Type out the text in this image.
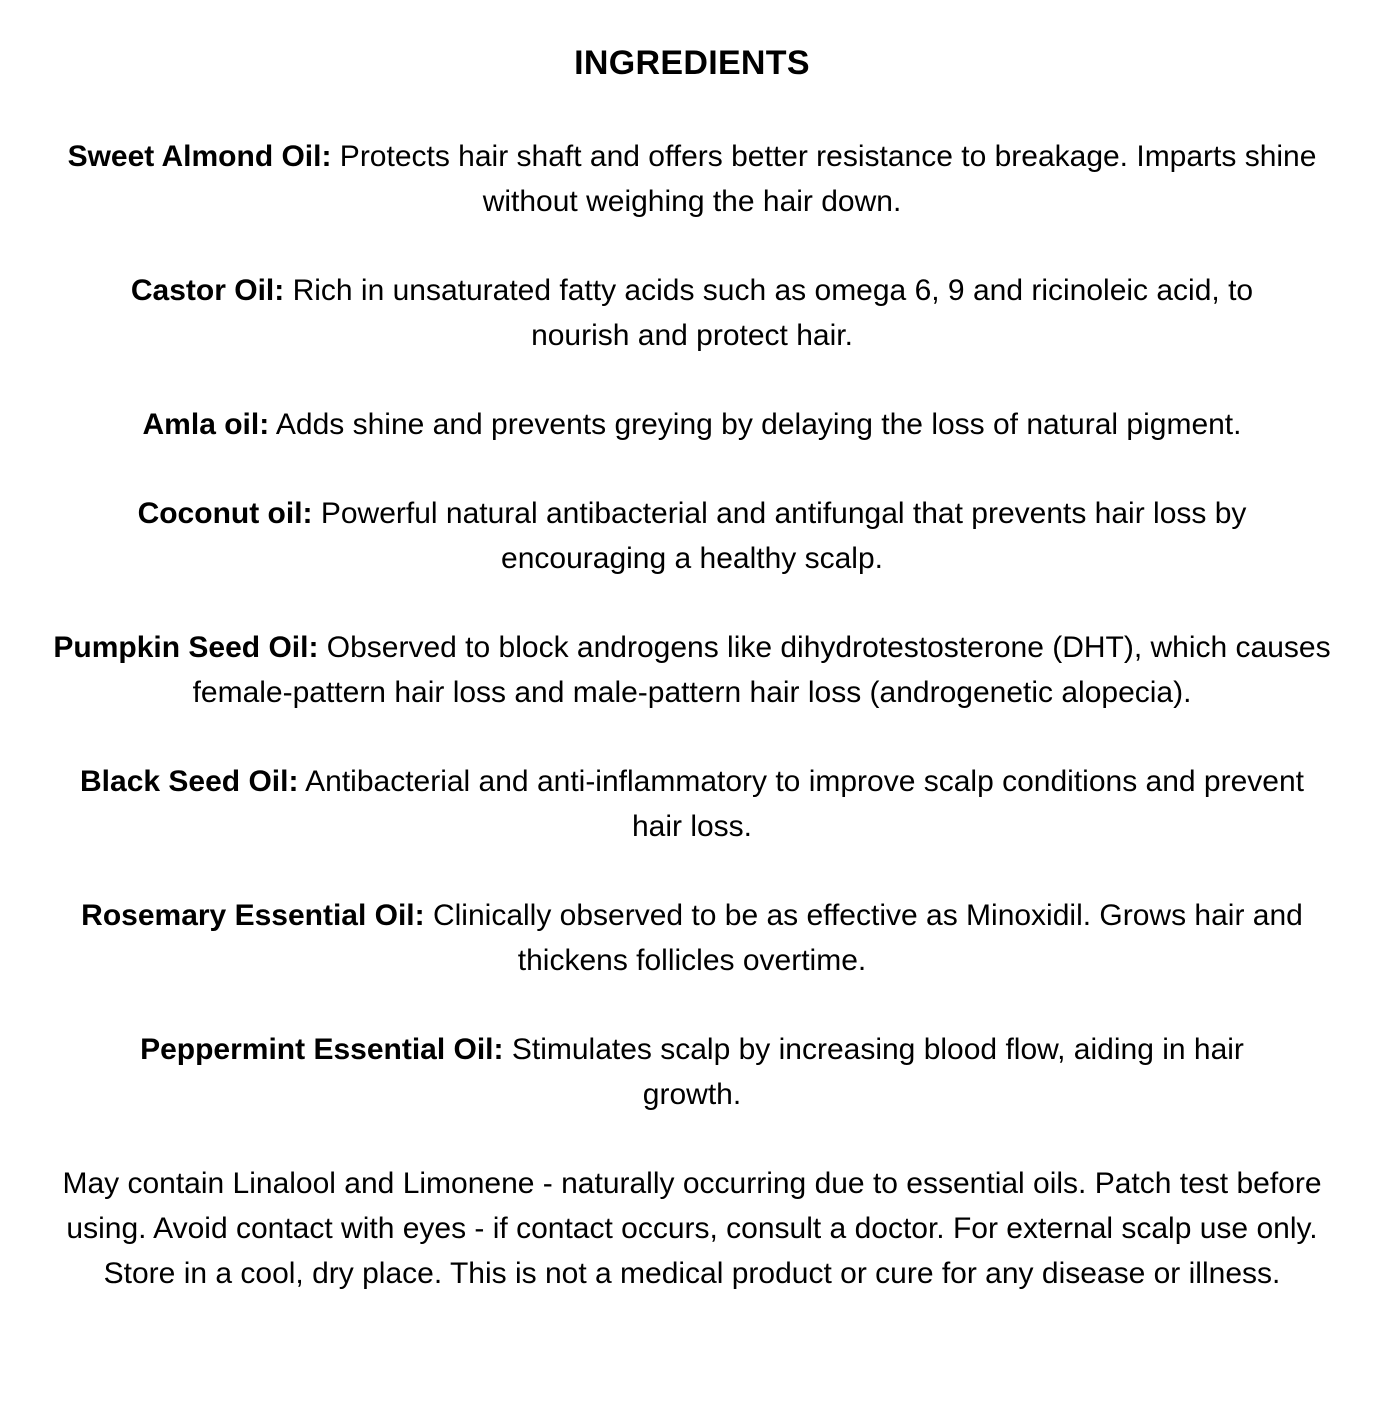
INGREDIENTS

Sweet Almond Oil: Protects hair shaft and offers better resistance to breakage. Imparts shine without weighing the hair down.

Castor Oil: Rich in unsaturated fatty acids such as omega 6, 9 and ricinoleic acid, to nourish and protect hair.

Amla oil: Adds shine and prevents greying by delaying the loss of natural pigment.

Coconut oil: Powerful natural antibacterial and antifungal that prevents hair loss by encouraging a healthy scalp.

Pumpkin Seed Oil: Observed to block androgens like dihydrotestosterone (DHT), which causes female-pattern hair loss and male-pattern hair loss (androgenetic alopecia).

Black Seed Oil: Antibacterial and anti-inflammatory to improve scalp conditions and prevent hair loss.

Rosemary Essential Oil: Clinically observed to be as effective as Minoxidil. Grows hair and thickens follicles overtime.

Peppermint Essential Oil: Stimulates scalp by increasing blood flow, aiding in hair growth.

May contain Linalool and Limonene - naturally occurring due to essential oils. Patch test before using. Avoid contact with eyes - if contact occurs, consult a doctor. For external scalp use only. Store in a cool, dry place. This is not a medical product or cure for any disease or illness.
